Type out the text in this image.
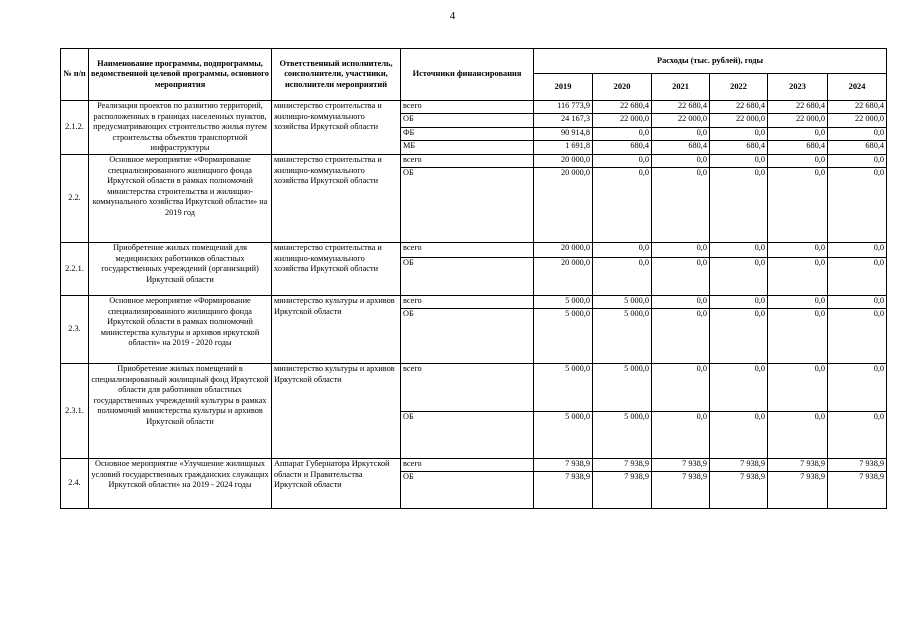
4
№ п/п	Наименование программы, подпрограммы, ведомственной целевой программы, основного мероприятия	Ответственный исполнитель, соисполнители, участники, исполнители мероприятий	Источники финансирования	Расходы (тыс. рублей), годы					
				2019	2020	2021	2022	2023	2024
2.1.2.	Реализация проектов по развитию территорий, расположенных в границах населенных пунктов, предусматривающих строительство жилья путем строительства объектов транспортной инфраструктуры	министерство строительства и жилищно-коммунального хозяйства Иркутской области	всего	116 773,9	22 680,4	22 680,4	22 680,4	22 680,4	22 680,4
			ОБ	24 167,3	22 000,0	22 000,0	22 000,0	22 000,0	22 000,0
			ФБ	90 914,8	0,0	0,0	0,0	0,0	0,0
			МБ	1 691,8	680,4	680,4	680,4	680,4	680,4
2.2.	Основное мероприятие «Формирование специализированного жилищного фонда Иркутской области в рамках полномочий министерства строительства и жилищно-коммунального хозяйства Иркутской области» на 2019 год	министерство строительства и жилищно-коммунального хозяйства Иркутской области	всего	20 000,0	0,0	0,0	0,0	0,0	0,0
			ОБ	20 000,0	0,0	0,0	0,0	0,0	0,0
2.2.1.	Приобретение жилых помещений для медицинских работников областных государственных учреждений (организаций) Иркутской области	министерство строительства и жилищно-коммунального хозяйства Иркутской области	всего	20 000,0	0,0	0,0	0,0	0,0	0,0
			ОБ	20 000,0	0,0	0,0	0,0	0,0	0,0
2.3.	Основное мероприятие «Формирование специализированного жилищного фонда Иркутской области в рамках полномочий министерства культуры и архивов иркутской области» на 2019 - 2020 годы	министерство культуры и архивов Иркутской области	всего	5 000,0	5 000,0	0,0	0,0	0,0	0,0
			ОБ	5 000,0	5 000,0	0,0	0,0	0,0	0,0
2.3.1.	Приобретение жилых помещений в специализированный жилищный фонд Иркутской области для работников областных государственных учреждений культуры в рамках полномочий министерства культуры и архивов Иркутской области	министерство культуры и архивов Иркутской области	всего	5 000,0	5 000,0	0,0	0,0	0,0	0,0
			ОБ	5 000,0	5 000,0	0,0	0,0	0,0	0,0
2.4.	Основное мероприятие «Улучшение жилищных условий государственных гражданских служащих Иркутской области» на 2019 - 2024 годы	Аппарат Губернатора Иркутской области и Правительства Иркутской области	всего	7 938,9	7 938,9	7 938,9	7 938,9	7 938,9	7 938,9
			ОБ	7 938,9	7 938,9	7 938,9	7 938,9	7 938,9	7 938,9
